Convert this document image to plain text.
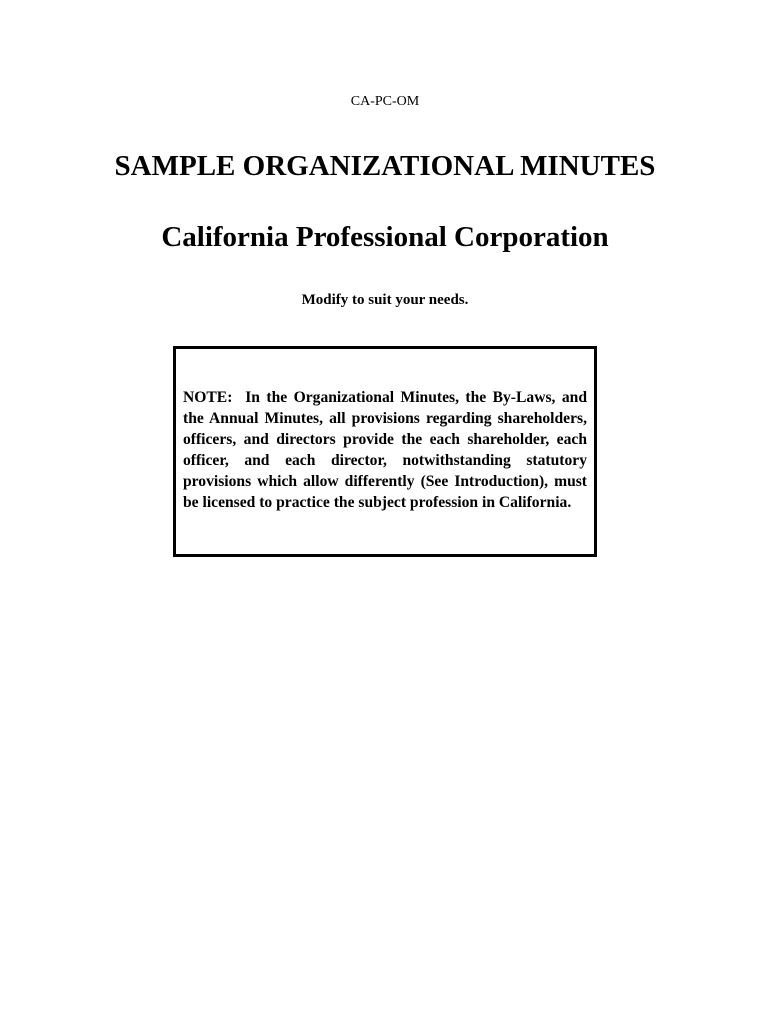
CA-PC-OM
SAMPLE ORGANIZATIONAL MINUTES
California Professional Corporation
Modify to suit your needs.

NOTE:  In the Organizational Minutes, the By-Laws, and the Annual Minutes, all provisions regarding shareholders, officers, and directors provide the each shareholder, each officer, and each director, notwithstanding statutory provisions which allow differently (See Introduction), must be licensed to practice the subject profession in California.
